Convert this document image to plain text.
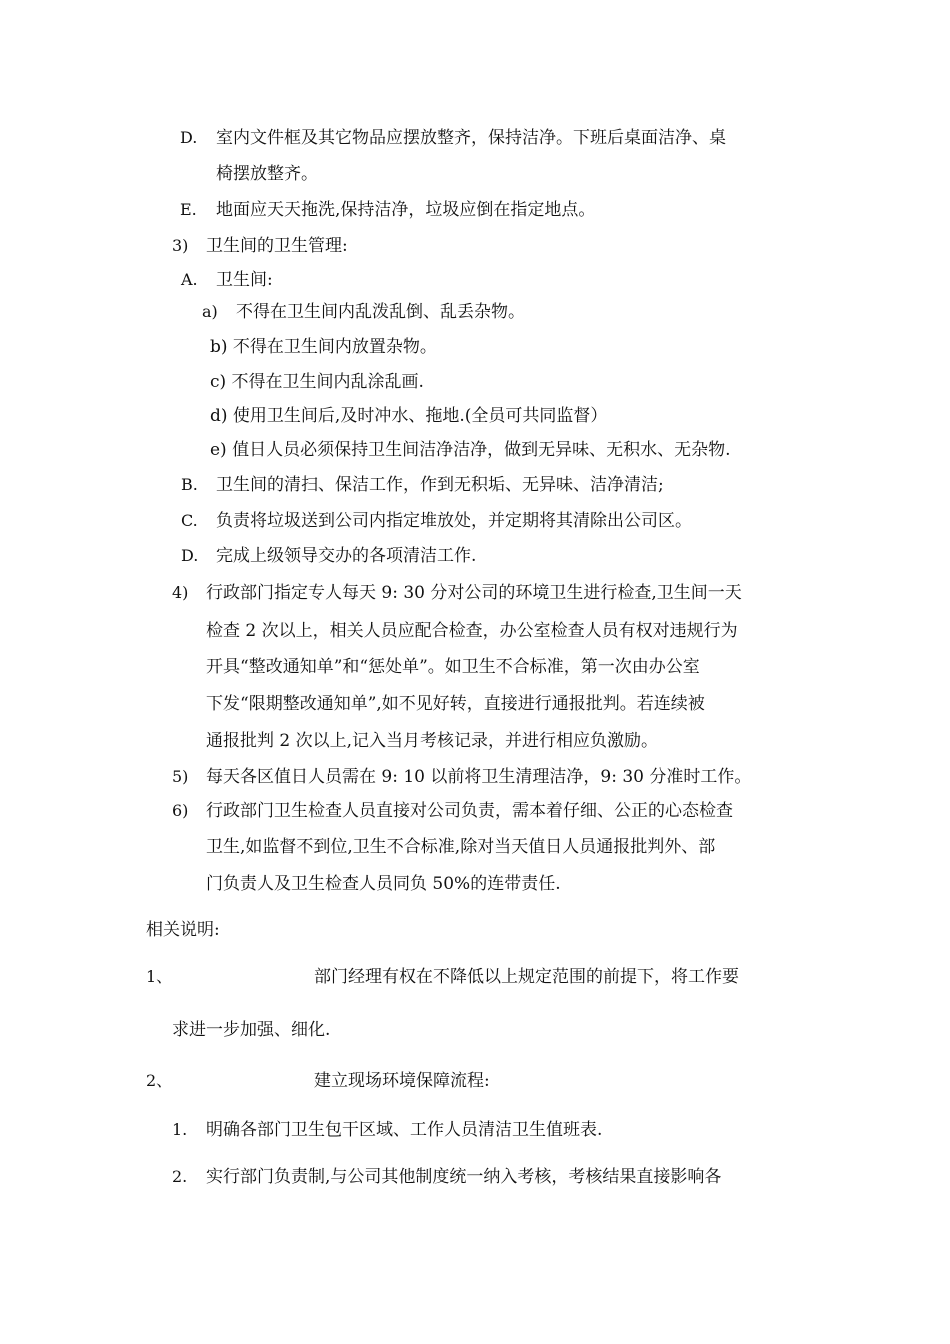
D. 室内文件框及其它物品应摆放整齐，保持洁净。下班后桌面洁净、桌
椅摆放整齐。
E. 地面应天天拖洗,保持洁净，垃圾应倒在指定地点。
3) 卫生间的卫生管理:
A. 卫生间:
a) 不得在卫生间内乱泼乱倒、乱丢杂物。
b) 不得在卫生间内放置杂物。
c) 不得在卫生间内乱涂乱画.
d) 使用卫生间后,及时冲水、拖地.(全员可共同监督）
e) 值日人员必须保持卫生间洁净洁净，做到无异味、无积水、无杂物.
B. 卫生间的清扫、保洁工作，作到无积垢、无异味、洁净清洁;
C. 负责将垃圾送到公司内指定堆放处，并定期将其清除出公司区。
D. 完成上级领导交办的各项清洁工作.
4) 行政部门指定专人每天 9: 30 分对公司的环境卫生进行检查,卫生间一天
检查 2 次以上，相关人员应配合检查，办公室检查人员有权对违规行为
开具“整改通知单”和“惩处单”。如卫生不合标准，第一次由办公室
下发“限期整改通知单”,如不见好转，直接进行通报批判。若连续被
通报批判 2 次以上,记入当月考核记录，并进行相应负激励。
5) 每天各区值日人员需在 9: 10 以前将卫生清理洁净，9: 30 分准时工作。
6) 行政部门卫生检查人员直接对公司负责，需本着仔细、公正的心态检查
卫生,如监督不到位,卫生不合标准,除对当天值日人员通报批判外、部
门负责人及卫生检查人员同负 50%的连带责任.
相关说明:
1、	部门经理有权在不降低以上规定范围的前提下，将工作要
求进一步加强、细化.
2、	建立现场环境保障流程:
1. 明确各部门卫生包干区域、工作人员清洁卫生值班表.
2. 实行部门负责制,与公司其他制度统一纳入考核，考核结果直接影响各
